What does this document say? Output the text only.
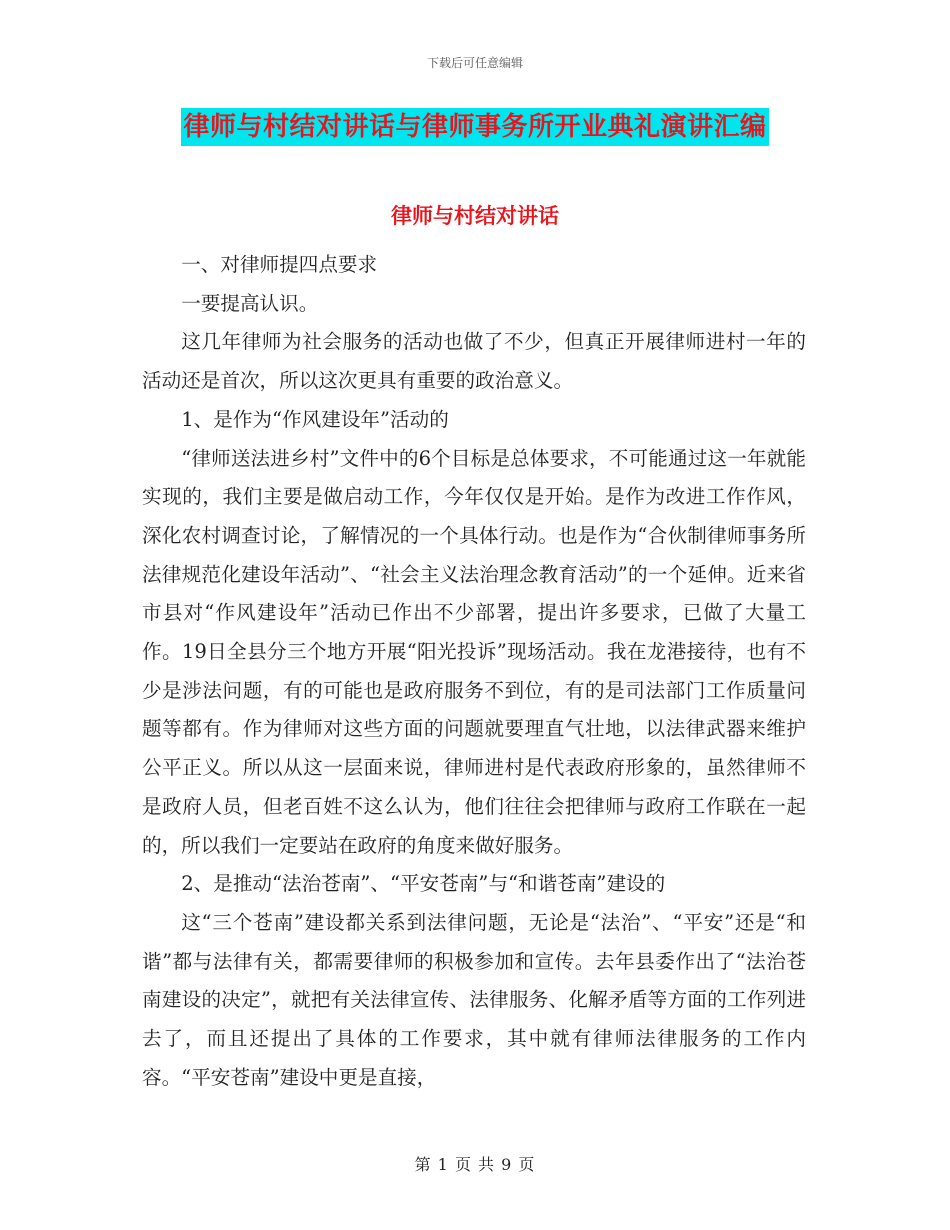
下载后可任意编辑
律师与村结对讲话与律师事务所开业典礼演讲汇编
律师与村结对讲话

一、对律师提四点要求

一要提高认识。

这几年律师为社会服务的活动也做了不少，但真正开展律师进村一年的活动还是首次，所以这次更具有重要的政治意义。

1、是作为“作风建设年”活动的

“律师送法进乡村”文件中的6个目标是总体要求，不可能通过这一年就能实现的，我们主要是做启动工作，今年仅仅是开始。是作为改进工作作风，深化农村调查讨论，了解情况的一个具体行动。也是作为“合伙制律师事务所法律规范化建设年活动”、“社会主义法治理念教育活动”的一个延伸。近来省市县对“作风建设年”活动已作出不少部署，提出许多要求，已做了大量工作。19日全县分三个地方开展“阳光投诉”现场活动。我在龙港接待，也有不少是涉法问题，有的可能也是政府服务不到位，有的是司法部门工作质量问题等都有。作为律师对这些方面的问题就要理直气壮地，以法律武器来维护公平正义。所以从这一层面来说，律师进村是代表政府形象的，虽然律师不是政府人员，但老百姓不这么认为，他们往往会把律师与政府工作联在一起的，所以我们一定要站在政府的角度来做好服务。

2、是推动“法治苍南”、“平安苍南”与“和谐苍南”建设的

这“三个苍南”建设都关系到法律问题，无论是“法治”、“平安”还是“和谐”都与法律有关，都需要律师的积极参加和宣传。去年县委作出了“法治苍南建设的决定”，就把有关法律宣传、法律服务、化解矛盾等方面的工作列进去了，而且还提出了具体的工作要求，其中就有律师法律服务的工作内容。“平安苍南”建设中更是直接，

第 1 页 共 9 页
